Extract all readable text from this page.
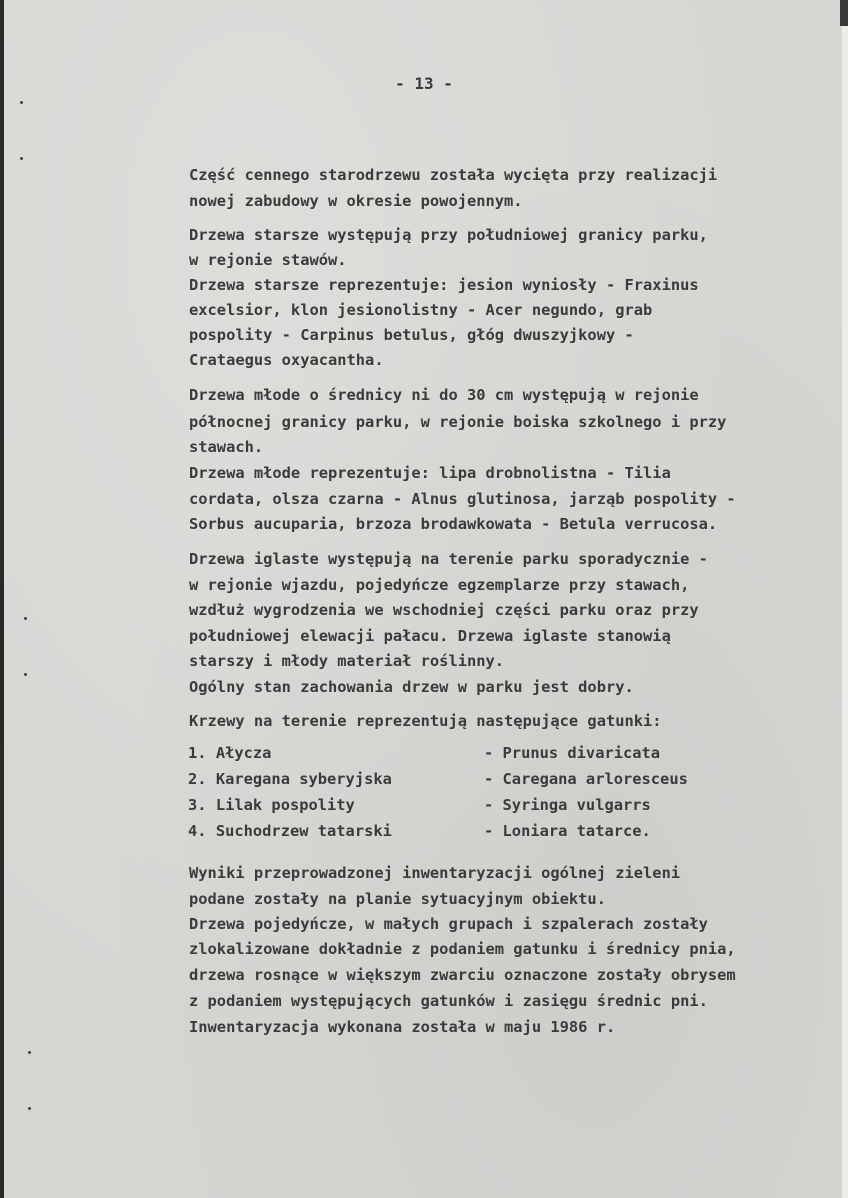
- 13 -
Część cennego starodrzewu została wycięta przy realizacji
nowej zabudowy w okresie powojennym.
Drzewa starsze występują przy południowej granicy parku,
w rejonie stawów.
Drzewa starsze reprezentuje: jesion wyniosły - Fraxinus
excelsior, klon jesionolistny - Acer negundo, grab
pospolity - Carpinus betulus, głóg dwuszyjkowy -
Crataegus oxyacantha.
Drzewa młode o średnicy ni do 30 cm występują w rejonie
północnej granicy parku, w rejonie boiska szkolnego i przy
stawach.
Drzewa młode reprezentuje: lipa drobnolistna - Tilia
cordata, olsza czarna - Alnus glutinosa, jarząb pospolity -
Sorbus aucuparia, brzoza brodawkowata - Betula verrucosa.
Drzewa iglaste występują na terenie parku sporadycznie -
w rejonie wjazdu, pojedyńcze egzemplarze przy stawach,
wzdłuż wygrodzenia we wschodniej części parku oraz przy
południowej elewacji pałacu. Drzewa iglaste stanowią
starszy i młody materiał roślinny.
Ogólny stan zachowania drzew w parku jest dobry.
Krzewy na terenie reprezentują następujące gatunki:
1. Ałycza	- Prunus divaricata
2. Karegana syberyjska	- Caregana arloresceus
3. Lilak pospolity	- Syringa vulgarrs
4. Suchodrzew tatarski	- Loniara tatarce.
Wyniki przeprowadzonej inwentaryzacji ogólnej zieleni
podane zostały na planie sytuacyjnym obiektu.
Drzewa pojedyńcze, w małych grupach i szpalerach zostały
zlokalizowane dokładnie z podaniem gatunku i średnicy pnia,
drzewa rosnące w większym zwarciu oznaczone zostały obrysem
z podaniem występujących gatunków i zasięgu średnic pni.
Inwentaryzacja wykonana została w maju 1986 r.
